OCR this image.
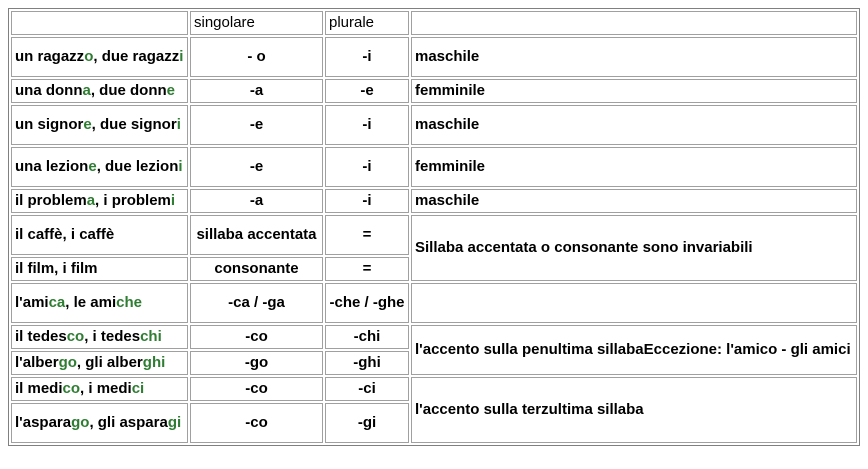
	singolare	plurale	
un ragazzo, due ragazzi	- o	-i	maschile
una donna, due donne	-a	-e	femminile
un signore, due signori	-e	-i	maschile
una lezione, due lezioni	-e	-i	femminile
il problema, i problemi	-a	-i	maschile
il caffè, i caffè	sillaba accentata	=	Sillaba accentata o consonante sono invariabili
il film, i film	consonante	=	
l'amica, le amiche	-ca / -ga	-che / -ghe	
il tedesco, i tedeschi	-co	-chi	l'accento sulla penultima sillabaEccezione: l'amico - gli amici
l'albergo, gli alberghi	-go	-ghi	
il medico, i medici	-co	-ci	l'accento sulla terzultima sillaba
l'asparago, gli asparagi	-co	-gi	
